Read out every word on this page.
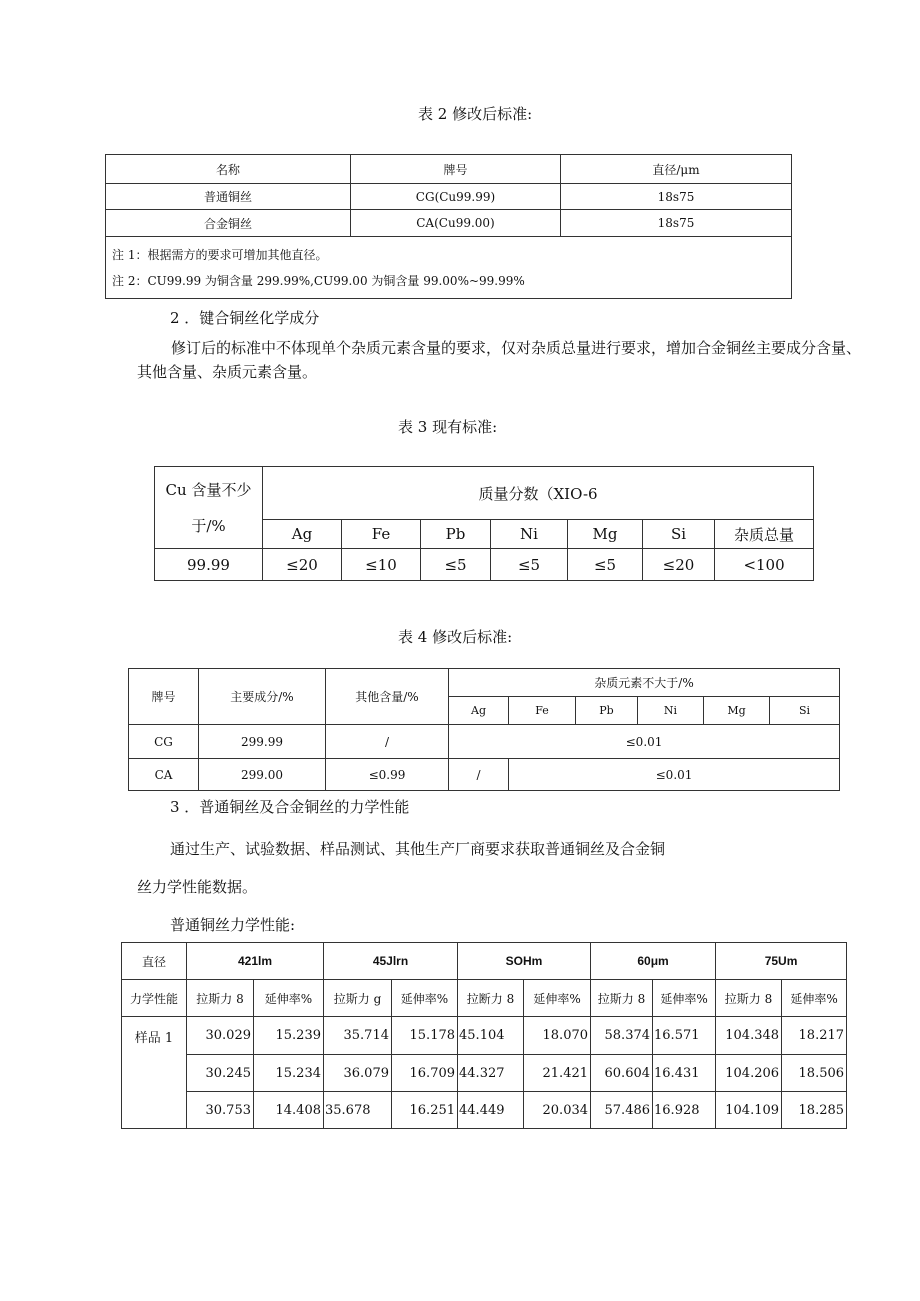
表 2 修改后标准:
名称	牌号	直径/μm
普通铜丝	CG(Cu99.99)	18s75
合金铜丝	CA(Cu99.00)	18s75

注 1：根据需方的要求可增加其他直径。
注 2：CU99.99 为铜含量 299.99%,CU99.00 为铜含量 99.00%~99.99%		
2 ．键合铜丝化学成分
修订后的标准中不体现单个杂质元素含量的要求，仅对杂质总量进行要求，增加合金铜丝主要成分含量、其他含量、杂质元素含量。
表 3 现有标准:
Cu 含量不少于/%	质量分数（XIO-6						
	Ag	Fe	Pb	Ni	Mg	Si	杂质总量
99.99	≤20	≤10	≤5	≤5	≤5	≤20	<100
表 4 修改后标准:
牌号	主要成分/%	其他含量/%	杂质元素不大于/%					
			Ag	Fe	Pb	Ni	Mg	Si
CG	299.99	/	≤0.01					
CA	299.00	≤0.99	/	≤0.01				
3 ．普通铜丝及合金铜丝的力学性能
通过生产、试验数据、样品测试、其他生产厂商要求获取普通铜丝及合金铜
丝力学性能数据。
普通铜丝力学性能:
直径	421lm		45Jlrn		SOHm		60μm		75Um	
力学性能	拉斯力 8	延伸率%	拉斯力 g	延伸率%	拉断力 8	延伸率%	拉斯力 8	延伸率%	拉斯力 8	延伸率%
样品 1	30.029	15.239	35.714	15.178	45.104	18.070	58.374	16.571	104.348	18.217
	30.245	15.234	36.079	16.709	44.327	21.421	60.604	16.431	104.206	18.506
	30.753	14.408	35.678	16.251	44.449	20.034	57.486	16.928	104.109	18.285
